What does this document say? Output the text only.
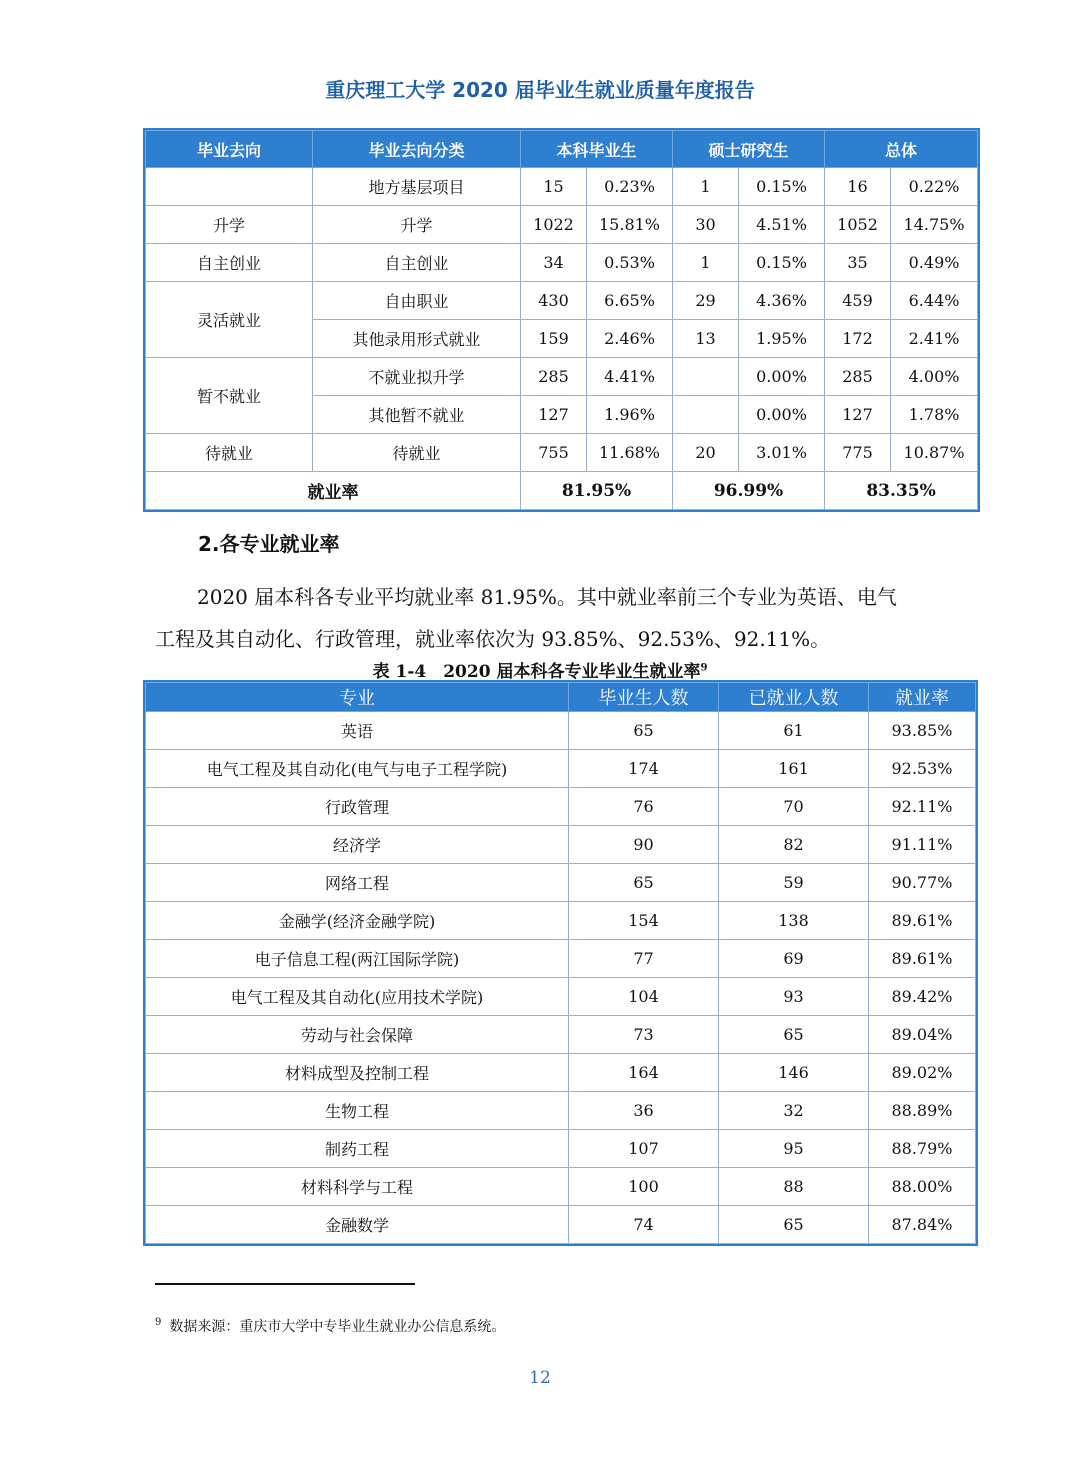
重庆理工大学 2020 届毕业生就业质量年度报告
毕业去向	毕业去向分类	本科毕业生		硕士研究生		总体	
	地方基层项目	15	0.23%	1	0.15%	16	0.22%
升学	升学	1022	15.81%	30	4.51%	1052	14.75%
自主创业	自主创业	34	0.53%	1	0.15%	35	0.49%
灵活就业	自由职业	430	6.65%	29	4.36%	459	6.44%
	其他录用形式就业	159	2.46%	13	1.95%	172	2.41%
暂不就业	不就业拟升学	285	4.41%		0.00%	285	4.00%
	其他暂不就业	127	1.96%		0.00%	127	1.78%
待就业	待就业	755	11.68%	20	3.01%	775	10.87%
就业率		81.95%		96.99%		83.35%	
2.各专业就业率
2020 届本科各专业平均就业率 81.95%。其中就业率前三个专业为英语、电气
工程及其自动化、行政管理，就业率依次为 93.85%、92.53%、92.11%。
表 1-4　2020 届本科各专业毕业生就业率$^9$
专业	毕业生人数	已就业人数	就业率
英语	65	61	93.85%
电气工程及其自动化(电气与电子工程学院)	174	161	92.53%
行政管理	76	70	92.11%
经济学	90	82	91.11%
网络工程	65	59	90.77%
金融学(经济金融学院)	154	138	89.61%
电子信息工程(两江国际学院)	77	69	89.61%
电气工程及其自动化(应用技术学院)	104	93	89.42%
劳动与社会保障	73	65	89.04%
材料成型及控制工程	164	146	89.02%
生物工程	36	32	88.89%
制药工程	107	95	88.79%
材料科学与工程	100	88	88.00%
金融数学	74	65	87.84%
$^9$ 数据来源：重庆市大学中专毕业生就业办公信息系统。
12
